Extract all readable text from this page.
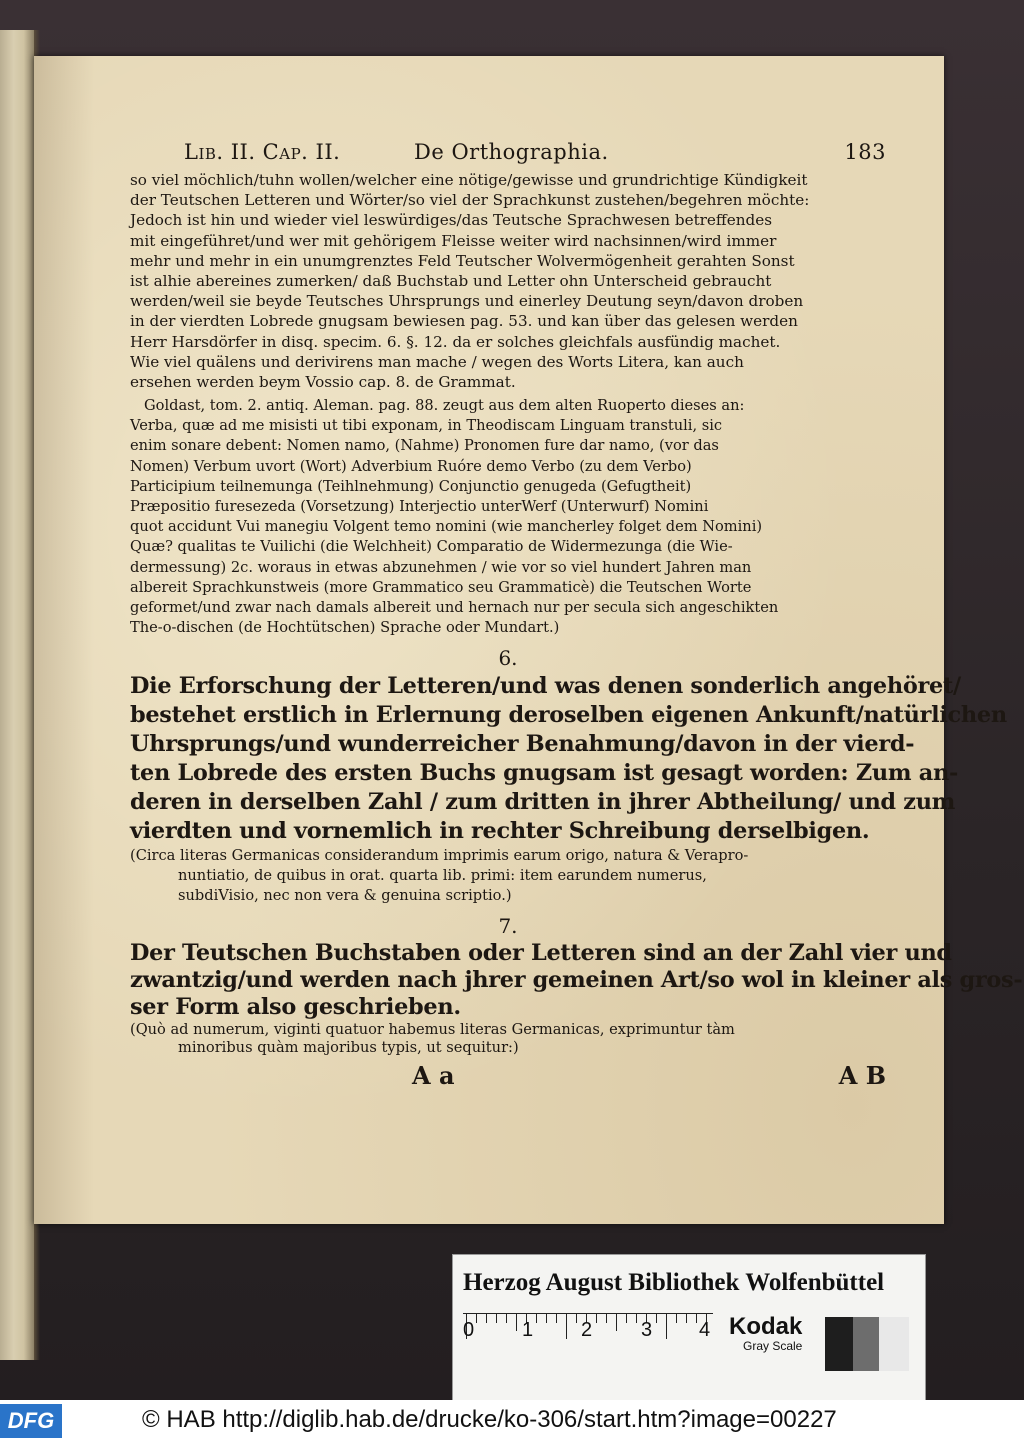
Lib. II. Cap. II.	De Orthographia.	183
so viel möchlich/tuhn wollen/welcher eine nötige/gewisse und grundrichtige Kündigkeit
der Teutschen Letteren und Wörter/so viel der Sprachkunst zustehen/begehren möchte:
Jedoch ist hin und wieder viel leswürdiges/das Teutsche Sprachwesen betreffendes
mit eingeführet/und wer mit gehörigem Fleisse weiter wird nachsinnen/wird immer
mehr und mehr in ein unumgrenztes Feld Teutscher Wolvermögenheit gerahten Sonst
ist alhie abereines zumerken/ daß Buchstab und Letter ohn Unterscheid gebraucht
werden/weil sie beyde Teutsches Uhrsprungs und einerley Deutung seyn/davon droben
in der vierdten Lobrede gnugsam bewiesen pag. 53. und kan über das gelesen werden
Herr Harsdörfer in disq. specim. 6. §. 12. da er solches gleichfals ausfündig machet.
Wie viel quälens und derivirens man mache / wegen des Worts Litera, kan auch
ersehen werden beym Vossio cap. 8. de Grammat.
Goldast, tom. 2. antiq. Aleman. pag. 88. zeugt aus dem alten Ruoperto dieses an:
Verba, quæ ad me misisti ut tibi exponam, in Theodiscam Linguam transtuli, sic
enim sonare debent: Nomen namo, (Nahme) Pronomen fure dar namo, (vor das
Nomen) Verbum uvort (Wort) Adverbium Ruóre demo Verbo (zu dem Verbo)
Participium teilnemunga (Teihlnehmung) Conjunctio genugeda (Gefugtheit)
Præpositio furesezeda (Vorsetzung) Interjectio unterWerf (Unterwurf) Nomini
quot accidunt Vui manegiu Volgent temo nomini (wie mancherley folget dem Nomini)
Quæ? qualitas te Vuilichi (die Welchheit) Comparatio de Widermezunga (die Wie-
dermessung) 2c. woraus in etwas abzunehmen / wie vor so viel hundert Jahren man
albereit Sprachkunstweis (more Grammatico seu Grammaticè) die Teutschen Worte
geformet/und zwar nach damals albereit und hernach nur per secula sich angeschikten
The-o-dischen (de Hochtütschen) Sprache oder Mundart.)
6.
Die Erforschung der Letteren/und was denen sonderlich angehöret/
bestehet erstlich in Erlernung deroselben eigenen Ankunft/natürlichen
Uhrsprungs/und wunderreicher Benahmung/davon in der vierd-
ten Lobrede des ersten Buchs gnugsam ist gesagt worden: Zum an-
deren in derselben Zahl / zum dritten in jhrer Abtheilung/ und zum
vierdten und vornemlich in rechter Schreibung derselbigen.
(Circa literas Germanicas considerandum imprimis earum origo, natura & Verapro-
nuntiatio, de quibus in orat. quarta lib. primi: item earundem numerus,
subdiVisio, nec non vera & genuina scriptio.)
7.
Der Teutschen Buchstaben oder Letteren sind an der Zahl vier und
zwantzig/und werden nach jhrer gemeinen Art/so wol in kleiner als gros-
ser Form also geschrieben.
(Quò ad numerum, viginti quatuor habemus literas Germanicas, exprimuntur tàm
minoribus quàm majoribus typis, ut sequitur:)
A a	A B
Herzog August Bibliothek Wolfenbüttel
0 1 2 3 4 Kodak
Gray Scale
DFG	© HAB http://diglib.hab.de/drucke/ko-306/start.htm?image=00227
